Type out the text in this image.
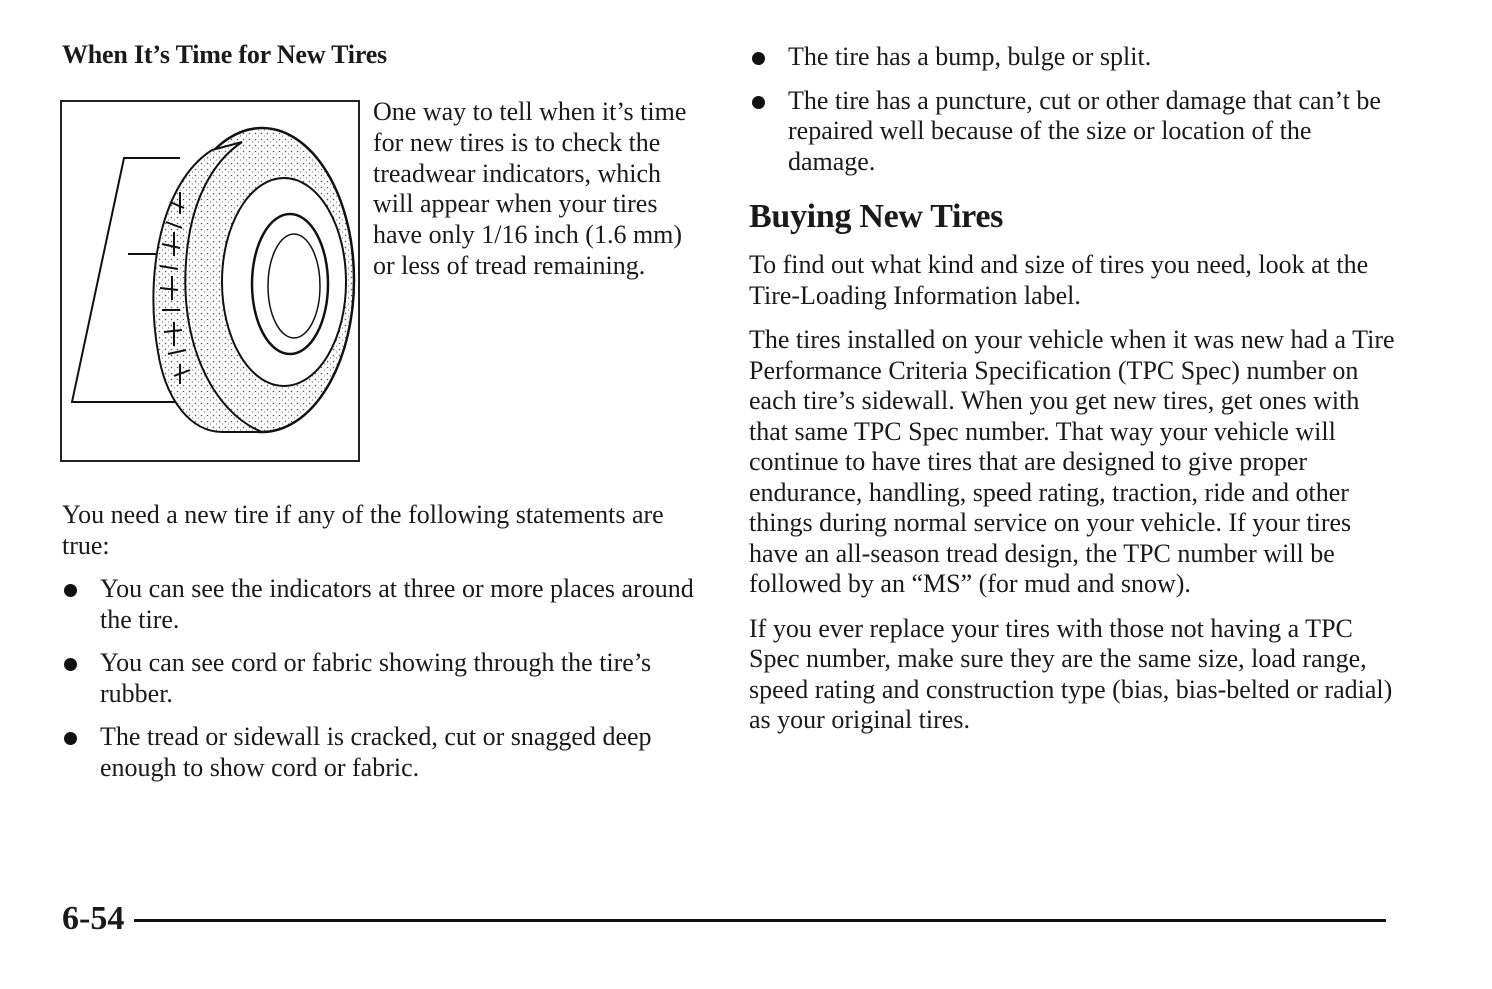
When It’s Time for New Tires

One way to tell when it’s time for new tires is to check the treadwear indicators, which will appear when your tires have only 1/16 inch (1.6 mm) or less of tread remaining.

You need a new tire if any of the following statements are true:

You can see the indicators at three or more places around the tire.
You can see cord or fabric showing through the tire’s rubber.
The tread or sidewall is cracked, cut or snagged deep enough to show cord or fabric.
The tire has a bump, bulge or split.
The tire has a puncture, cut or other damage that can’t be repaired well because of the size or location of the damage.
Buying New Tires

To find out what kind and size of tires you need, look at the Tire-Loading Information label.

The tires installed on your vehicle when it was new had a Tire Performance Criteria Specification (TPC Spec) number on each tire’s sidewall. When you get new tires, get ones with that same TPC Spec number. That way your vehicle will continue to have tires that are designed to give proper endurance, handling, speed rating, traction, ride and other things during normal service on your vehicle. If your tires have an all-season tread design, the TPC number will be followed by an “MS” (for mud and snow).

If you ever replace your tires with those not having a TPC Spec number, make sure they are the same size, load range, speed rating and construction type (bias, bias-belted or radial) as your original tires.

6-54
